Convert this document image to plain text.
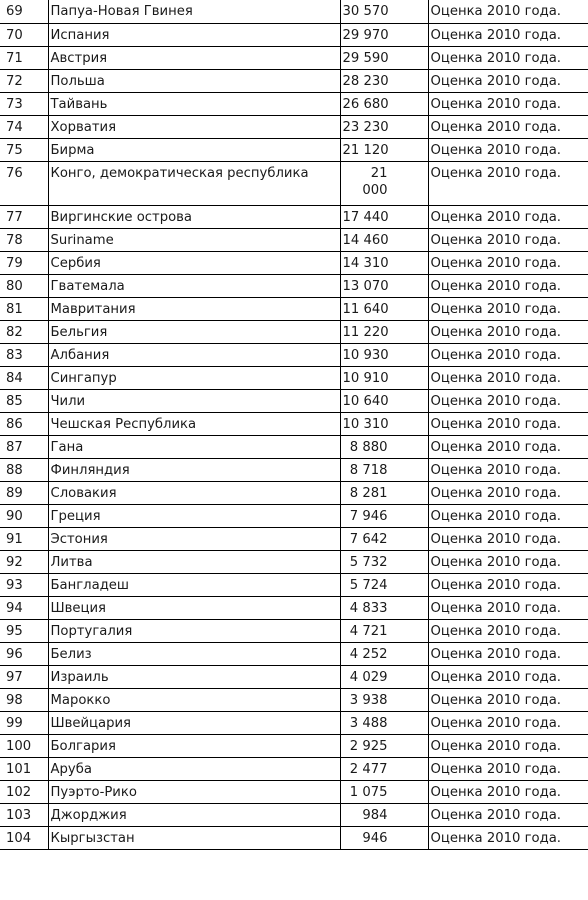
69	Папуа-Новая Гвинея	30 570	Оценка 2010 года.
70	Испания	29 970	Оценка 2010 года.
71	Австрия	29 590	Оценка 2010 года.
72	Польша	28 230	Оценка 2010 года.
73	Тайвань	26 680	Оценка 2010 года.
74	Хорватия	23 230	Оценка 2010 года.
75	Бирма	21 120	Оценка 2010 года.
76	Конго, демократическая республика	21 000	Оценка 2010 года.
77	Виргинские острова	17 440	Оценка 2010 года.
78	Suriname	14 460	Оценка 2010 года.
79	Сербия	14 310	Оценка 2010 года.
80	Гватемала	13 070	Оценка 2010 года.
81	Мавритания	11 640	Оценка 2010 года.
82	Бельгия	11 220	Оценка 2010 года.
83	Албания	10 930	Оценка 2010 года.
84	Сингапур	10 910	Оценка 2010 года.
85	Чили	10 640	Оценка 2010 года.
86	Чешская Республика	10 310	Оценка 2010 года.
87	Гана	8 880	Оценка 2010 года.
88	Финляндия	8 718	Оценка 2010 года.
89	Словакия	8 281	Оценка 2010 года.
90	Греция	7 946	Оценка 2010 года.
91	Эстония	7 642	Оценка 2010 года.
92	Литва	5 732	Оценка 2010 года.
93	Бангладеш	5 724	Оценка 2010 года.
94	Швеция	4 833	Оценка 2010 года.
95	Португалия	4 721	Оценка 2010 года.
96	Белиз	4 252	Оценка 2010 года.
97	Израиль	4 029	Оценка 2010 года.
98	Марокко	3 938	Оценка 2010 года.
99	Швейцария	3 488	Оценка 2010 года.
100	Болгария	2 925	Оценка 2010 года.
101	Аруба	2 477	Оценка 2010 года.
102	Пуэрто-Рико	1 075	Оценка 2010 года.
103	Джорджия	984	Оценка 2010 года.
104	Кыргызстан	946	Оценка 2010 года.
